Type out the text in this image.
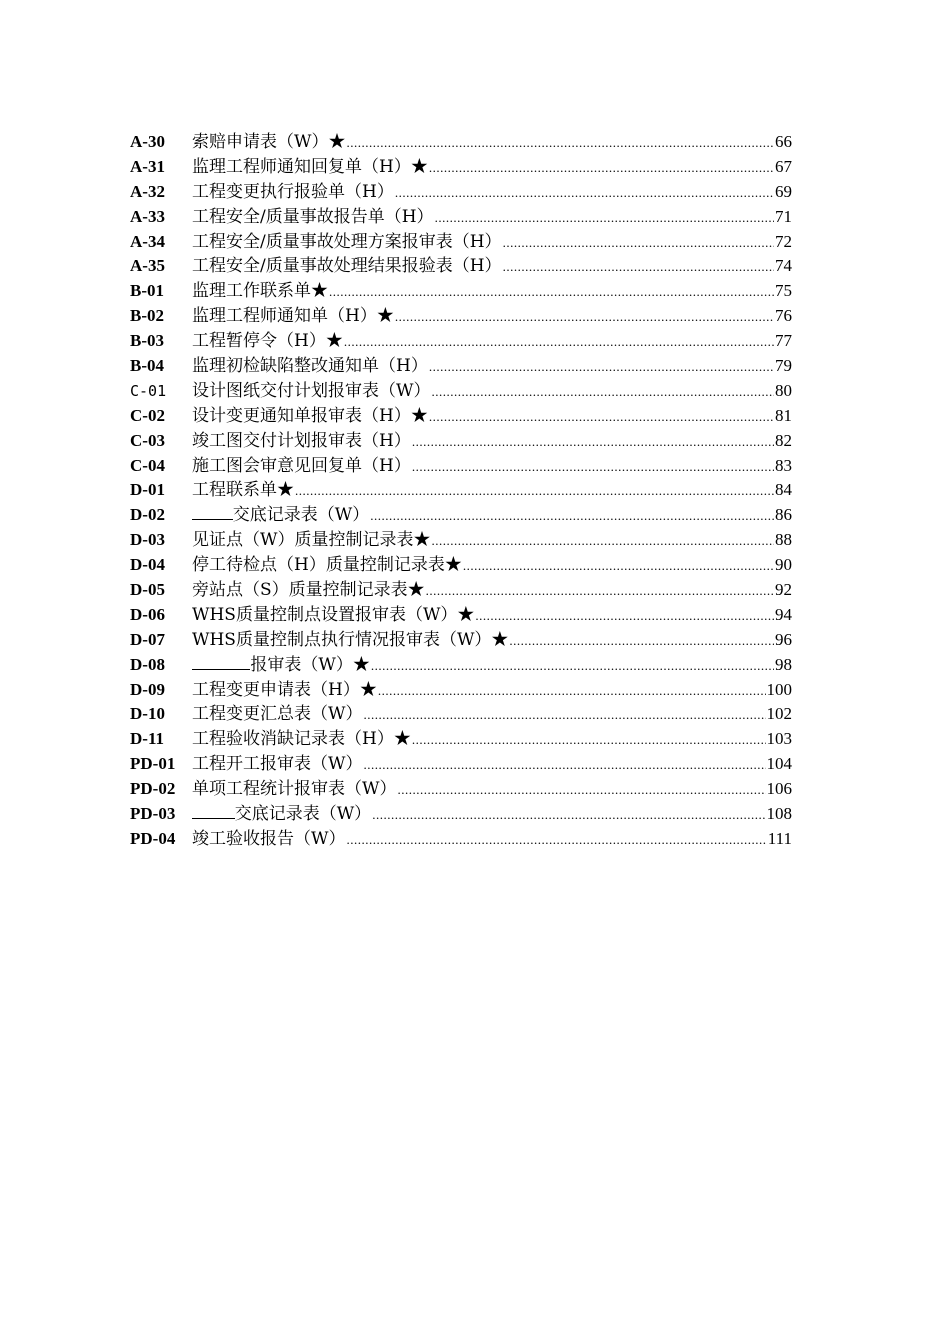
A-30	索赔申请表（W）★ .....	66
A-31	监理工程师通知回复单（H）★ .....	67
A-32	工程变更执行报验单（H） .....	69
A-33	工程安全/质量事故报告单（H） .....	71
A-34	工程安全/质量事故处理方案报审表（H） .....	72
A-35	工程安全/质量事故处理结果报验表（H） .....	74
B-01	监理工作联系单★ .....	75
B-02	监理工程师通知单（H）★ .....	76
B-03	工程暂停令（H）★ .....	77
B-04	监理初检缺陷整改通知单（H） .....	79
C-01	设计图纸交付计划报审表（W） .....	80
C-02	设计变更通知单报审表（H）★ .....	81
C-03	竣工图交付计划报审表（H） .....	82
C-04	施工图会审意见回复单（H） .....	83
D-01	工程联系单★ .....	84
D-02	交底记录表（W） .....	86
D-03	见证点（W）质量控制记录表★ .....	88
D-04	停工待检点（H）质量控制记录表★ .....	90
D-05	旁站点（S）质量控制记录表★ .....	92
D-06	WHS质量控制点设置报审表（W）★ .....	94
D-07	WHS质量控制点执行情况报审表（W）★ .....	96
D-08	报审表（W）★ .....	98
D-09	工程变更申请表（H）★ .....	100
D-10	工程变更汇总表（W） .....	102
D-11	工程验收消缺记录表（H）★ .....	103
PD-01 工程开工报审表（W） .....	104
PD-02 单项工程统计报审表（W） .....	106
PD-03	交底记录表（W） .....	108
PD-04 竣工验收报告（W） .....	111
